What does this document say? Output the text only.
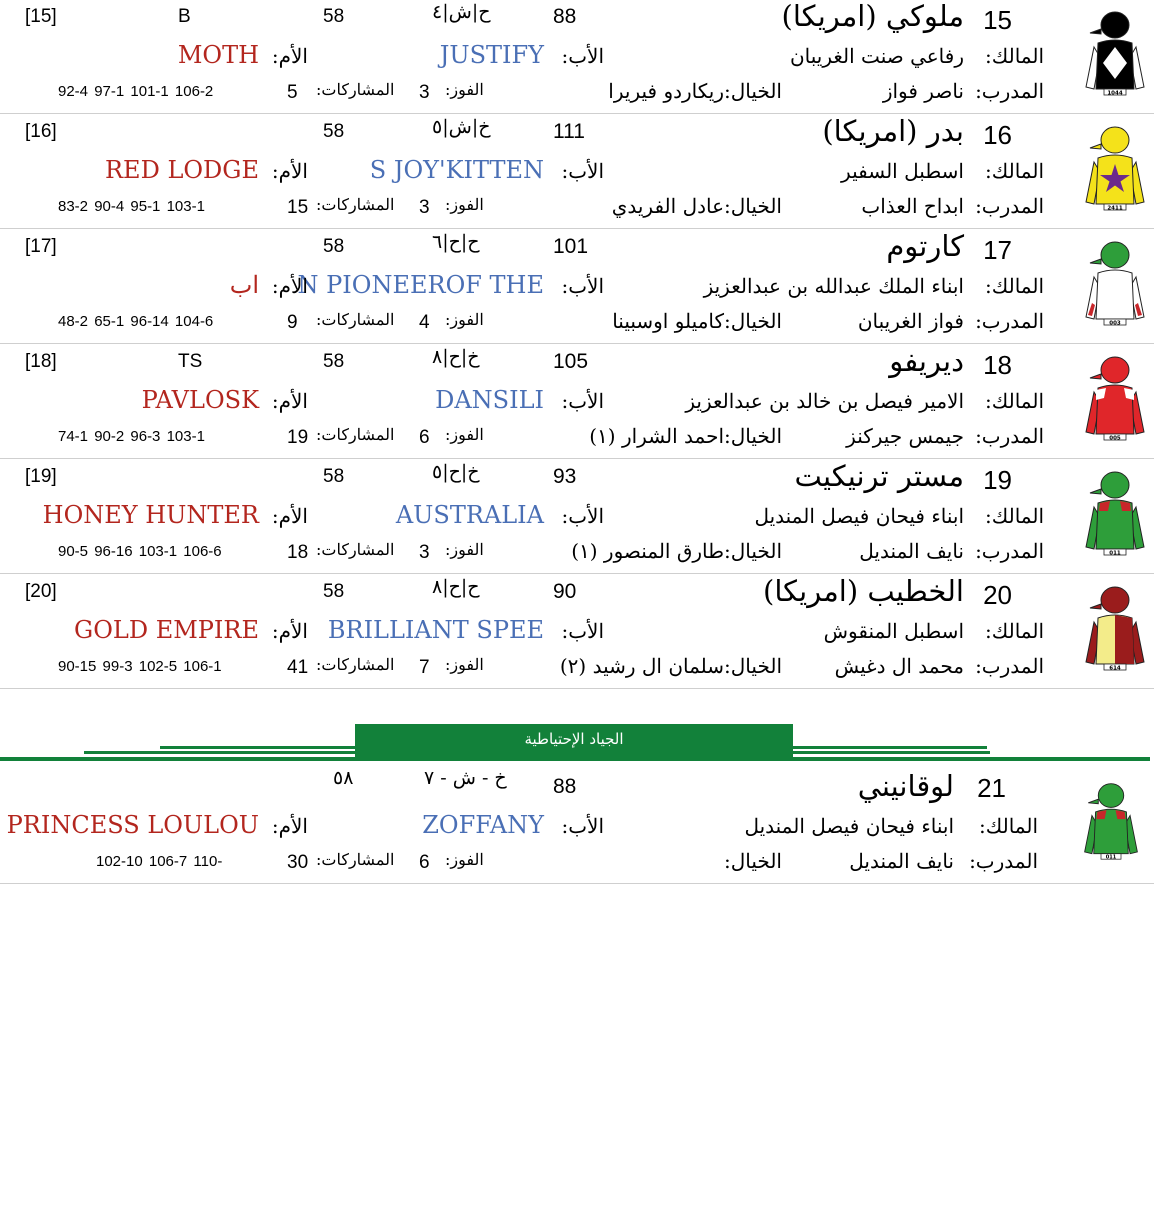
15
ملوكي (امريكا)
88
ح|ش|٤
58
B
[15]
المالك:
رفاعي صنت الغريبان
الأب:
JUSTIFY
الأم:
MOTH
المدرب:
ناصر فواز
الخيال:ريكاردو فيريرا
الفوز:
3
المشاركات:
5
92-4 97-1 101-1 106-2	1044
16
بدر (امريكا)
111
خ|ش|٥
58
[16]
المالك:
اسطبل السفير
الأب:
S JOY'KITTEN
الأم:
RED LODGE
المدرب:
ابداح العذاب
الخيال:عادل الفريدي
الفوز:
3
المشاركات:
15
83-2 90-4 95-1 103-1	2411
17
كارتوم
101
ح|ح|٦
58
[17]
المالك:
ابناء الملك عبدالله بن عبدالعزيز
الأب:
N PIONEEROF THE
الأم:
اب
المدرب:
فواز الغريبان
الخيال:كاميلو اوسبينا
الفوز:
4
المشاركات:
9
48-2 65-1 96-14 104-6	003
18
ديريفو
105
خ|ح|٨
58
TS
[18]
المالك:
الامير فيصل بن خالد بن عبدالعزيز
الأب:
DANSILI
الأم:
PAVLOSK
المدرب:
جيمس جيركنز
الخيال:احمد الشرار (١)
الفوز:
6
المشاركات:
19
74-1 90-2 96-3 103-1	005
19
مستر ترنيكيت
93
خ|ح|٥
58
[19]
المالك:
ابناء فيحان فيصل المنديل
الأب:
AUSTRALIA
الأم:
HONEY HUNTER
المدرب:
نايف المنديل
الخيال:طارق المنصور (١)
الفوز:
3
المشاركات:
18
90-5 96-16 103-1 106-6	011
20
الخطيب (امريكا)
90
ح|ح|٨
58
[20]
المالك:
اسطبل المنقوش
الأب:
BRILLIANT SPEE
الأم:
GOLD EMPIRE
المدرب:
محمد ال دغيش
الخيال:سلمان ال رشيد (٢)
الفوز:
7
المشاركات:
41
90-15 99-3 102-5 106-1	614
21
لوقانيني
88
خ - ش - ٧
٥٨
المالك:
ابناء فيحان فيصل المنديل
الأب:
ZOFFANY
الأم:
PRINCESS LOULOU
المدرب:
نايف المنديل
الخيال:
الفوز:
6
المشاركات:
30
102-10 106-7 110-	011
الجياد الإحتياطية
